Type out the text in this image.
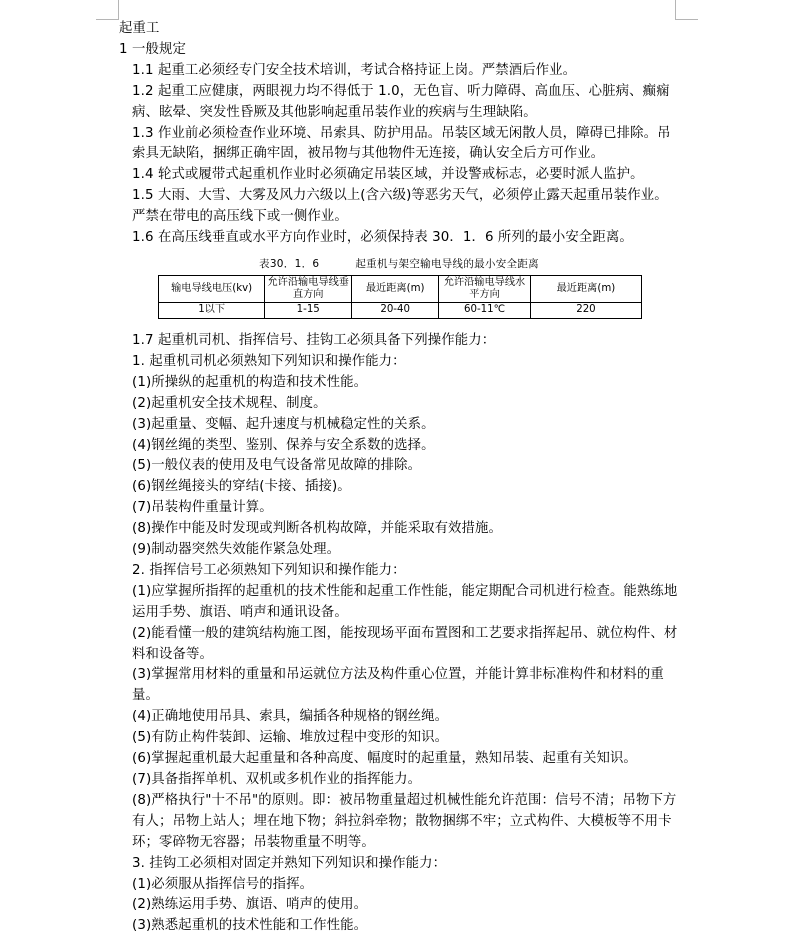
起重工

1 一般规定

1.1 起重工必须经专门安全技术培训，考试合格持证上岗。严禁酒后作业。

1.2 起重工应健康，两眼视力均不得低于 1.0，无色盲、听力障碍、高血压、心脏病、癫痫病、眩晕、突发性昏厥及其他影响起重吊装作业的疾病与生理缺陷。

1.3 作业前必须检查作业环境、吊索具、防护用品。吊装区域无闲散人员，障碍已排除。吊索具无缺陷，捆绑正确牢固，被吊物与其他物件无连接，确认安全后方可作业。

1.4 轮式或履带式起重机作业时必须确定吊装区域，并设警戒标志，必要时派人监护。

1.5 大雨、大雪、大雾及风力六级以上(含六级)等恶劣天气，必须停止露天起重吊装作业。严禁在带电的高压线下或一侧作业。

1.6 在高压线垂直或水平方向作业时，必须保持表 30．1．6 所列的最小安全距离。

表30．1．6	起重机与架空输电导线的最小安全距离
输电导线电压(kv)	允许沿输电导线垂直方向	最近距离(m)	允许沿输电导线水平方向	最近距离(m)
1以下	1-15	20-40	60-11℃	220

1.7 起重机司机、指挥信号、挂钩工必须具备下列操作能力：

1. 起重机司机必须熟知下列知识和操作能力：

(1)所操纵的起重机的构造和技术性能。

(2)起重机安全技术规程、制度。

(3)起重量、变幅、起升速度与机械稳定性的关系。

(4)钢丝绳的类型、鉴别、保养与安全系数的选择。

(5)一般仪表的使用及电气设备常见故障的排除。

(6)钢丝绳接头的穿结(卡接、插接)。

(7)吊装构件重量计算。

(8)操作中能及时发现或判断各机构故障，并能采取有效措施。

(9)制动器突然失效能作紧急处理。

2. 指挥信号工必须熟知下列知识和操作能力：

(1)应掌握所指挥的起重机的技术性能和起重工作性能，能定期配合司机进行检查。能熟练地运用手势、旗语、哨声和通讯设备。

(2)能看懂一般的建筑结构施工图，能按现场平面布置图和工艺要求指挥起吊、就位构件、材料和设备等。

(3)掌握常用材料的重量和吊运就位方法及构件重心位置，并能计算非标准构件和材料的重量。

(4)正确地使用吊具、索具，编插各种规格的钢丝绳。

(5)有防止构件装卸、运输、堆放过程中变形的知识。

(6)掌握起重机最大起重量和各种高度、幅度时的起重量，熟知吊装、起重有关知识。

(7)具备指挥单机、双机或多机作业的指挥能力。

(8)严格执行"十不吊"的原则。即：被吊物重量超过机械性能允许范围：信号不清；吊物下方有人；吊物上站人；埋在地下物；斜拉斜牵物；散物捆绑不牢；立式构件、大模板等不用卡环；零碎物无容器；吊装物重量不明等。

3. 挂钩工必须相对固定并熟知下列知识和操作能力：

(1)必须服从指挥信号的指挥。

(2)熟练运用手势、旗语、哨声的使用。

(3)熟悉起重机的技术性能和工作性能。
